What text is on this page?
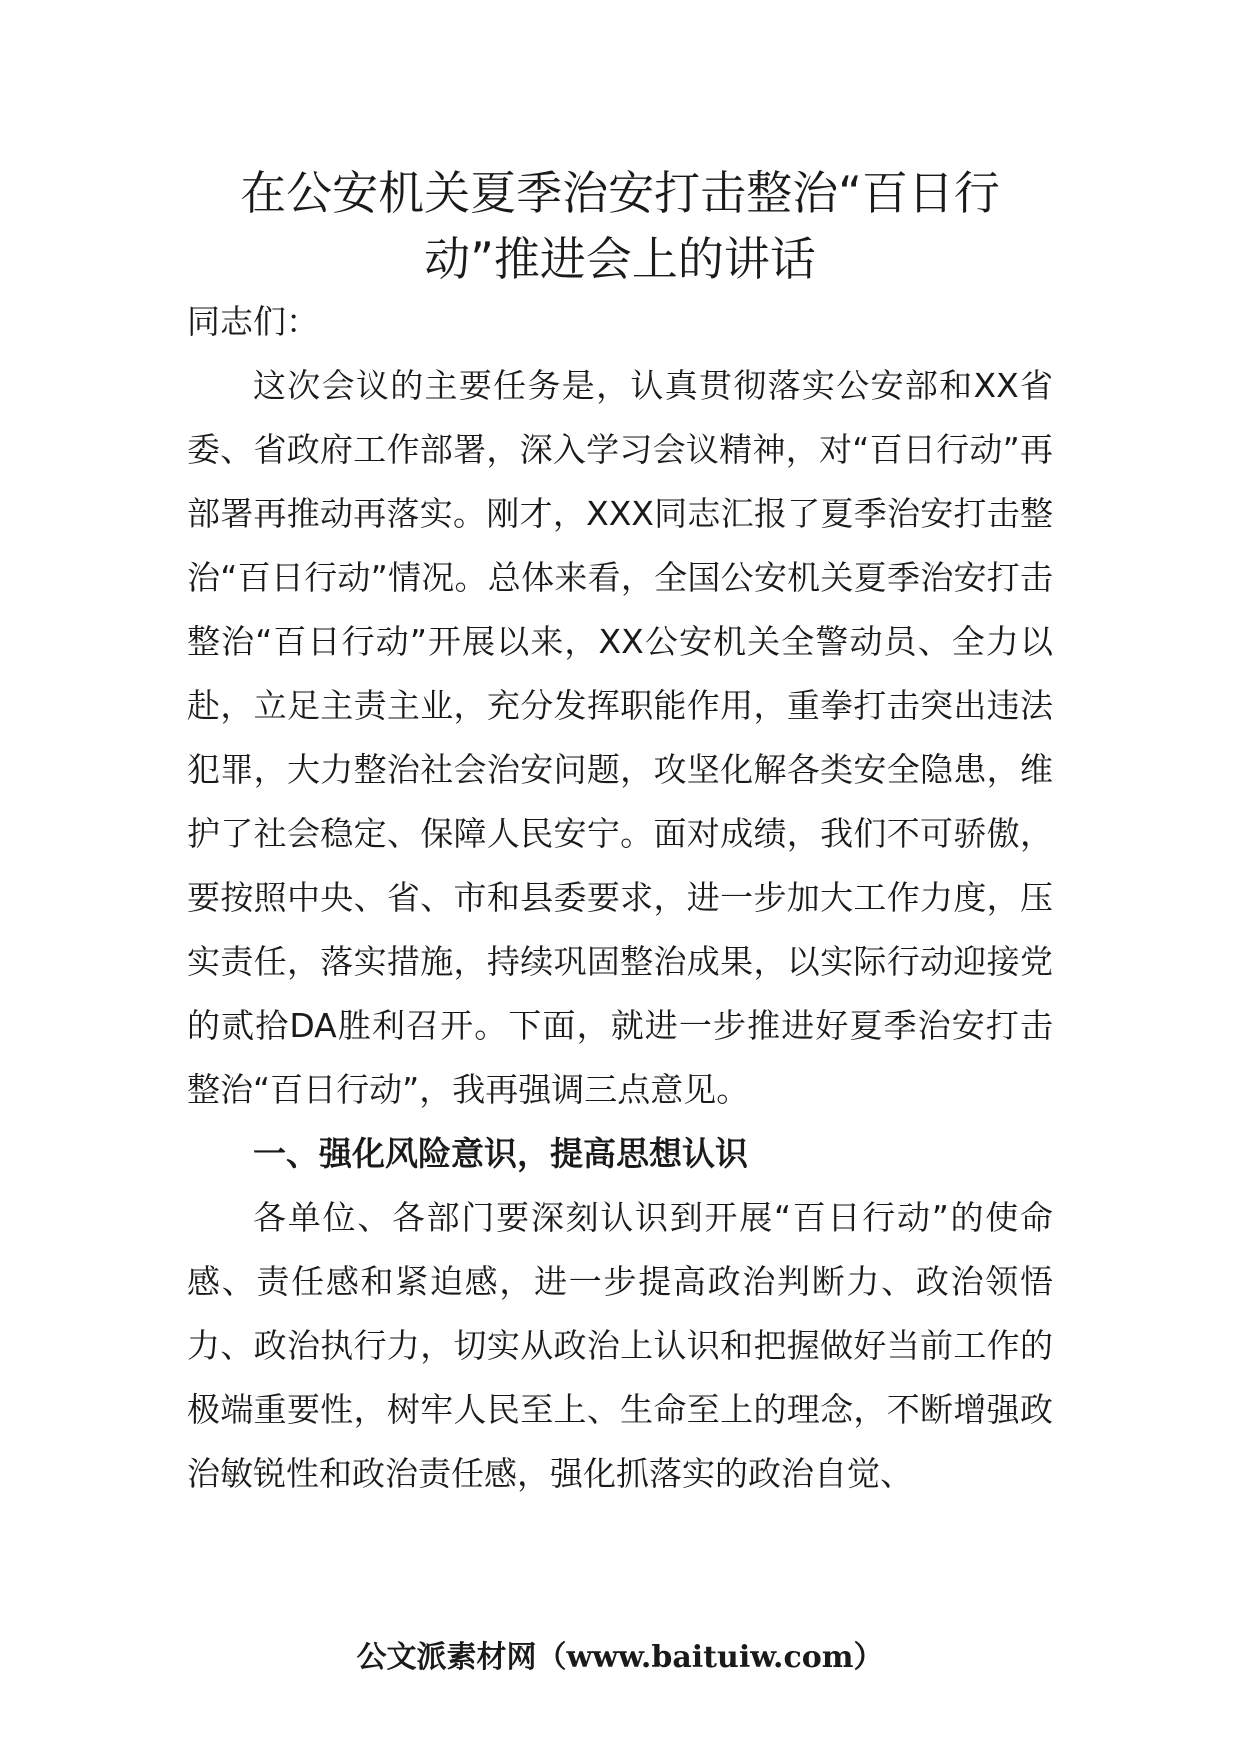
在公安机关夏季治安打击整治“百日行
动”推进会上的讲话

同志们：

这次会议的主要任务是，认真贯彻落实公安部和XX省委、省政府工作部署，深入学习会议精神，对“百日行动”再部署再推动再落实。刚才，XXX同志汇报了夏季治安打击整治“百日行动”情况。总体来看，全国公安机关夏季治安打击整治“百日行动”开展以来，XX公安机关全警动员、全力以赴，立足主责主业，充分发挥职能作用，重拳打击突出违法犯罪，大力整治社会治安问题，攻坚化解各类安全隐患，维护了社会稳定、保障人民安宁。面对成绩，我们不可骄傲，要按照中央、省、市和县委要求，进一步加大工作力度，压实责任，落实措施，持续巩固整治成果，以实际行动迎接党的贰拾DA胜利召开。下面，就进一步推进好夏季治安打击整治“百日行动”，我再强调三点意见。

一、强化风险意识，提高思想认识

各单位、各部门要深刻认识到开展“百日行动”的使命感、责任感和紧迫感，进一步提高政治判断力、政治领悟力、政治执行力，切实从政治上认识和把握做好当前工作的极端重要性，树牢人民至上、生命至上的理念，不断增强政治敏锐性和政治责任感，强化抓落实的政治自觉、

公文派素材网（www.baituiw.com）
